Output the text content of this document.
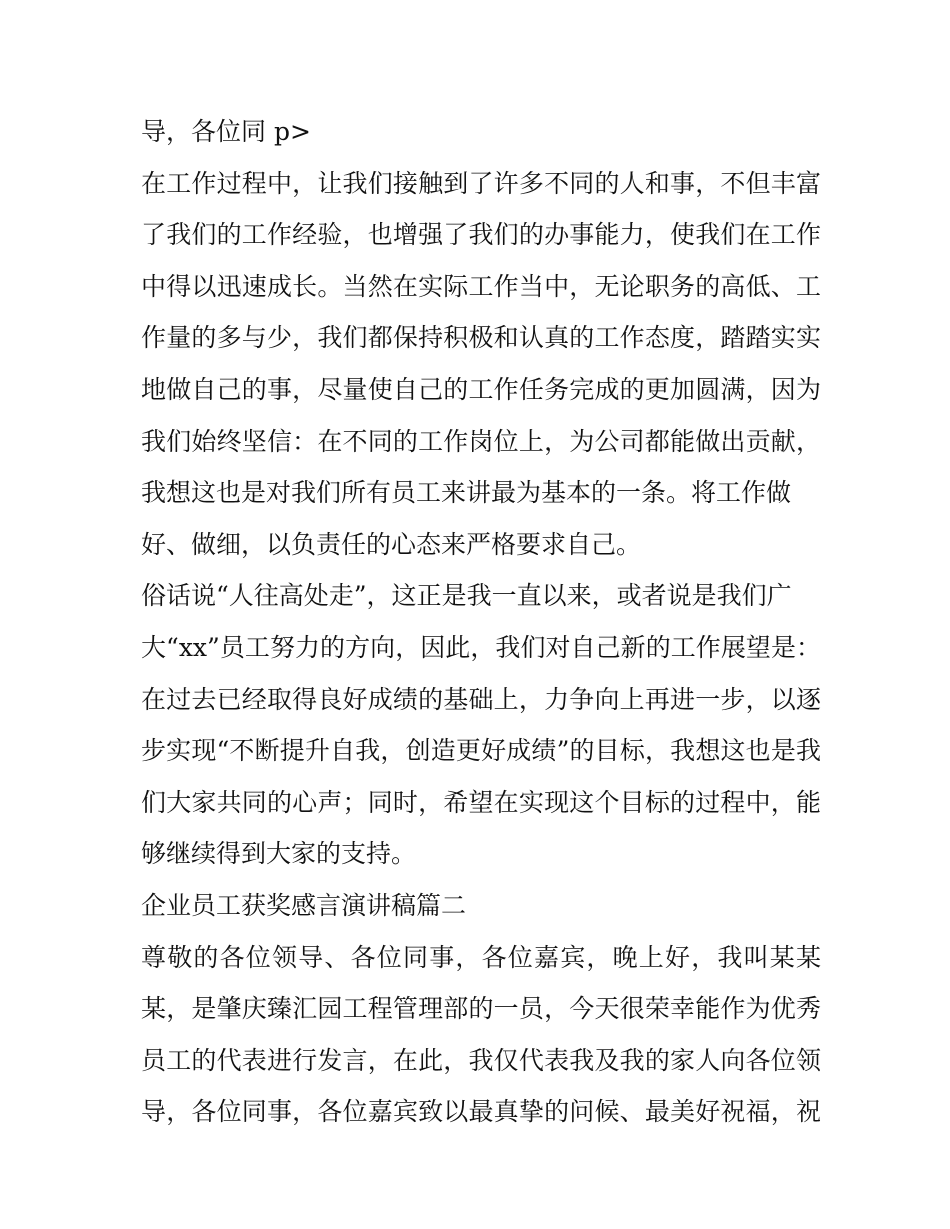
导，各位同 p>
在工作过程中，让我们接触到了许多不同的人和事，不但丰富
了我们的工作经验，也增强了我们的办事能力，使我们在工作
中得以迅速成长。当然在实际工作当中，无论职务的高低、工
作量的多与少，我们都保持积极和认真的工作态度，踏踏实实
地做自己的事，尽量使自己的工作任务完成的更加圆满，因为
我们始终坚信：在不同的工作岗位上，为公司都能做出贡献，
我想这也是对我们所有员工来讲最为基本的一条。将工作做
好、做细，以负责任的心态来严格要求自己。
俗话说“人往高处走”，这正是我一直以来，或者说是我们广
大“xx”员工努力的方向，因此，我们对自己新的工作展望是：
在过去已经取得良好成绩的基础上，力争向上再进一步，以逐
步实现“不断提升自我，创造更好成绩”的目标，我想这也是我
们大家共同的心声；同时，希望在实现这个目标的过程中，能
够继续得到大家的支持。
企业员工获奖感言演讲稿篇二
尊敬的各位领导、各位同事，各位嘉宾，晚上好，我叫某某
某，是肇庆臻汇园工程管理部的一员，今天很荣幸能作为优秀
员工的代表进行发言，在此，我仅代表我及我的家人向各位领
导，各位同事，各位嘉宾致以最真挚的问候、最美好祝福，祝
